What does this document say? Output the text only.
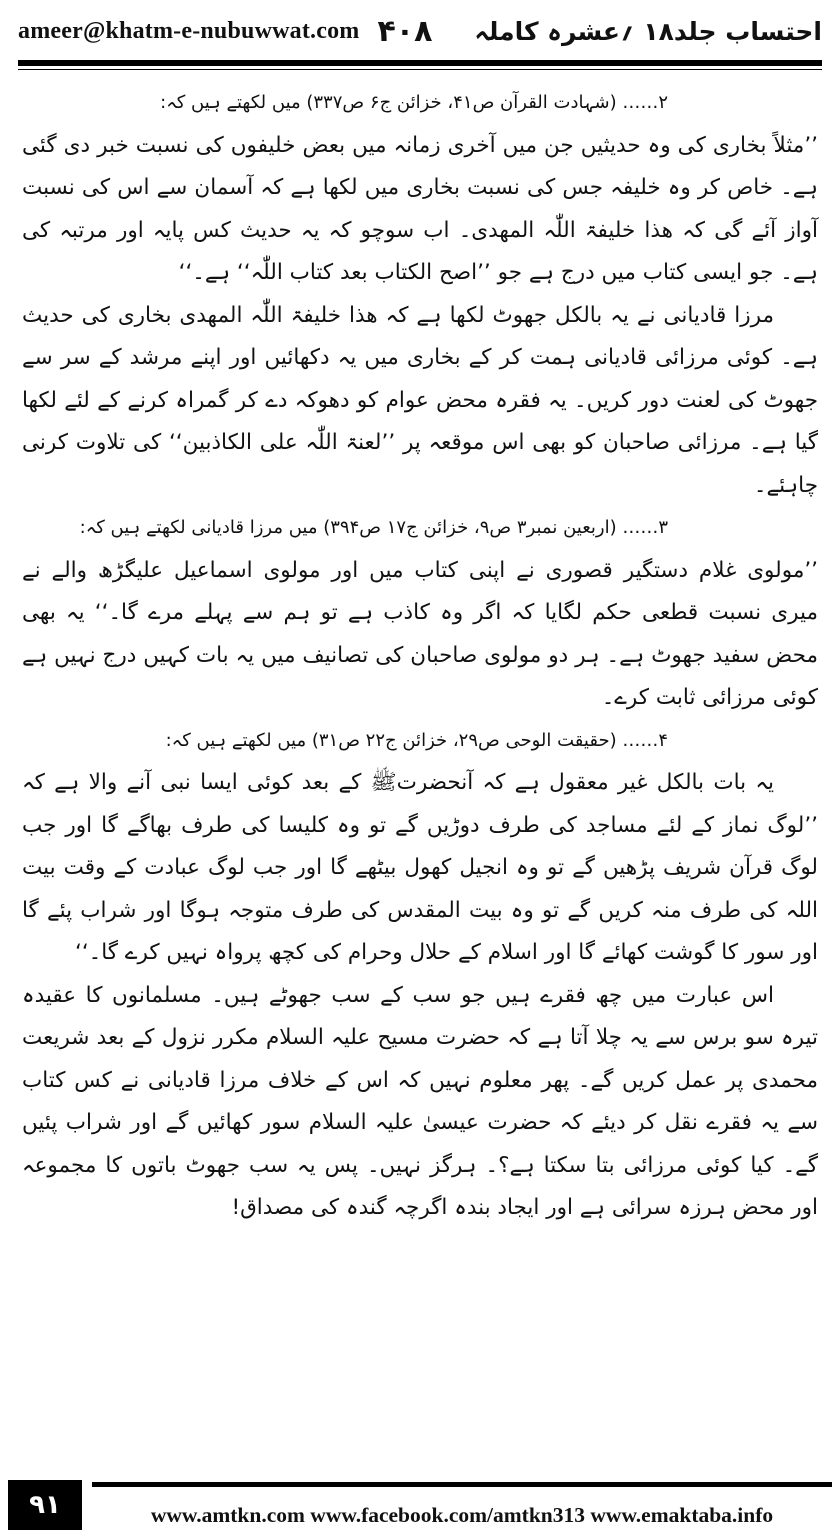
ameer@khatm-e-nubuwwat.com ۴۰۸ احتساب جلد۱۸ ؍عشرہ کاملہ

۲…… (شہادت القرآن ص۴۱، خزائن ج۶ ص۳۳۷) میں لکھتے ہیں کہ:

’’مثلاً بخاری کی وہ حدیثیں جن میں آخری زمانہ میں بعض خلیفوں کی نسبت خبر دی گئی ہے۔ خاص کر وہ خلیفہ جس کی نسبت بخاری میں لکھا ہے کہ آسمان سے اس کی نسبت آواز آئے گی کہ ھذا خلیفۃ اللّٰہ المھدی۔ اب سوچو کہ یہ حدیث کس پایہ اور مرتبہ کی ہے۔ جو ایسی کتاب میں درج ہے جو ’’اصح الکتاب بعد کتاب اللّٰہ‘‘ ہے۔‘‘

مرزا قادیانی نے یہ بالکل جھوٹ لکھا ہے کہ ھذا خلیفۃ اللّٰہ المھدی بخاری کی حدیث ہے۔ کوئی مرزائی قادیانی ہمت کر کے بخاری میں یہ دکھائیں اور اپنے مرشد کے سر سے جھوٹ کی لعنت دور کریں۔ یہ فقرہ محض عوام کو دھوکہ دے کر گمراہ کرنے کے لئے لکھا گیا ہے۔ مرزائی صاحبان کو بھی اس موقعہ پر ’’لعنۃ اللّٰہ علی الکاذبین‘‘ کی تلاوت کرنی چاہئے۔

۳…… (اربعین نمبر۳ ص۹، خزائن ج۱۷ ص۳۹۴) میں مرزا قادیانی لکھتے ہیں کہ:

’’مولوی غلام دستگیر قصوری نے اپنی کتاب میں اور مولوی اسماعیل علیگڑھ والے نے میری نسبت قطعی حکم لگایا کہ اگر وہ کاذب ہے تو ہم سے پہلے مرے گا۔‘‘ یہ بھی محض سفید جھوٹ ہے۔ ہر دو مولوی صاحبان کی تصانیف میں یہ بات کہیں درج نہیں ہے کوئی مرزائی ثابت کرے۔

۴…… (حقیقت الوحی ص۲۹، خزائن ج۲۲ ص۳۱) میں لکھتے ہیں کہ:

یہ بات بالکل غیر معقول ہے کہ آنحضرتﷺ کے بعد کوئی ایسا نبی آنے والا ہے کہ ’’لوگ نماز کے لئے مساجد کی طرف دوڑیں گے تو وہ کلیسا کی طرف بھاگے گا اور جب لوگ قرآن شریف پڑھیں گے تو وہ انجیل کھول بیٹھے گا اور جب لوگ عبادت کے وقت بیت اللہ کی طرف منہ کریں گے تو وہ بیت المقدس کی طرف متوجہ ہوگا اور شراب پئے گا اور سور کا گوشت کھائے گا اور اسلام کے حلال وحرام کی کچھ پرواہ نہیں کرے گا۔‘‘

اس عبارت میں چھ فقرے ہیں جو سب کے سب جھوٹے ہیں۔ مسلمانوں کا عقیدہ تیرہ سو برس سے یہ چلا آتا ہے کہ حضرت مسیح علیہ السلام مکرر نزول کے بعد شریعت محمدی پر عمل کریں گے۔ پھر معلوم نہیں کہ اس کے خلاف مرزا قادیانی نے کس کتاب سے یہ فقرے نقل کر دیئے کہ حضرت عیسیٰ علیہ السلام سور کھائیں گے اور شراب پئیں گے۔ کیا کوئی مرزائی بتا سکتا ہے؟۔ ہرگز نہیں۔ پس یہ سب جھوٹ باتوں کا مجموعہ اور محض ہرزہ سرائی ہے اور ایجاد بندہ اگرچہ گندہ کی مصداق!

۹۱	www.amtkn.com www.facebook.com/amtkn313 www.emaktaba.info
